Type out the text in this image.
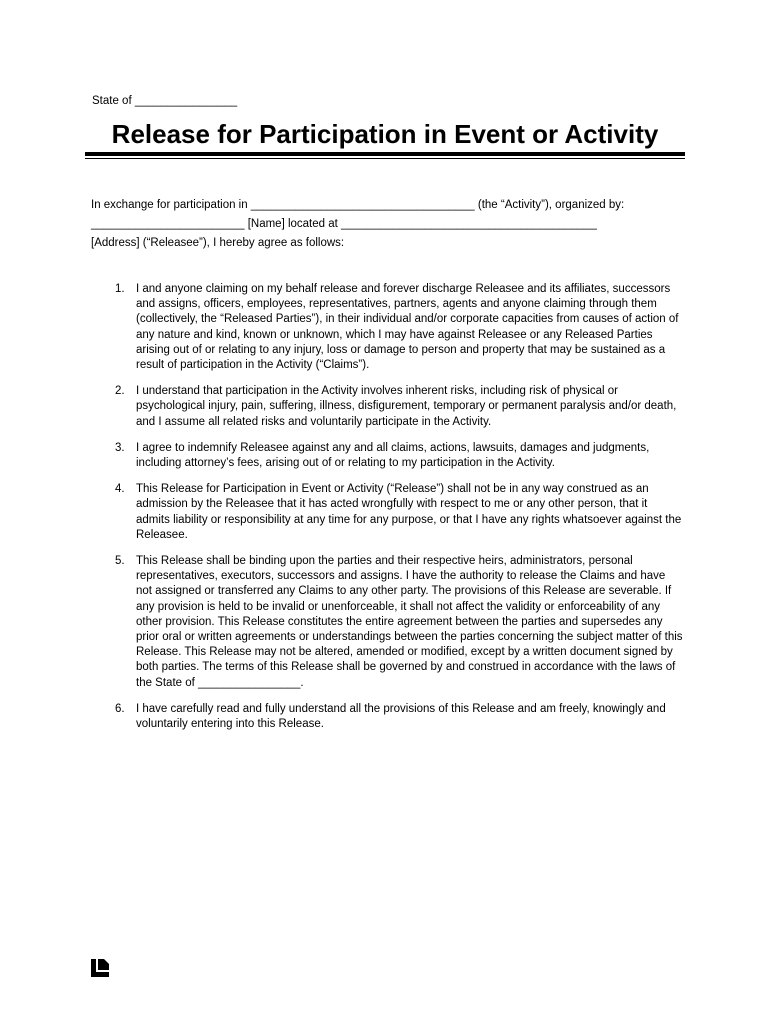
State of ________________
Release for Participation in Event or Activity
In exchange for participation in ___________________________________ (the “Activity”), organized by:
________________________ [Name] located at ________________________________________
[Address] (“Releasee”), I hereby agree as follows:
1. I and anyone claiming on my behalf release and forever discharge Releasee and its affiliates, successors and assigns, officers, employees, representatives, partners, agents and anyone claiming through them (collectively, the “Released Parties”), in their individual and/or corporate capacities from causes of action of any nature and kind, known or unknown, which I may have against Releasee or any Released Parties arising out of or relating to any injury, loss or damage to person and property that may be sustained as a result of participation in the Activity (“Claims”).
2. I understand that participation in the Activity involves inherent risks, including risk of physical or psychological injury, pain, suffering, illness, disfigurement, temporary or permanent paralysis and/or death, and I assume all related risks and voluntarily participate in the Activity.
3. I agree to indemnify Releasee against any and all claims, actions, lawsuits, damages and judgments, including attorney’s fees, arising out of or relating to my participation in the Activity.
4. This Release for Participation in Event or Activity (“Release”) shall not be in any way construed as an admission by the Releasee that it has acted wrongfully with respect to me or any other person, that it admits liability or responsibility at any time for any purpose, or that I have any rights whatsoever against the Releasee.
5. This Release shall be binding upon the parties and their respective heirs, administrators, personal representatives, executors, successors and assigns. I have the authority to release the Claims and have not assigned or transferred any Claims to any other party. The provisions of this Release are severable. If any provision is held to be invalid or unenforceable, it shall not affect the validity or enforceability of any other provision. This Release constitutes the entire agreement between the parties and supersedes any prior oral or written agreements or understandings between the parties concerning the subject matter of this Release. This Release may not be altered, amended or modified, except by a written document signed by both parties. The terms of this Release shall be governed by and construed in accordance with the laws of the State of ________________.
6. I have carefully read and fully understand all the provisions of this Release and am freely, knowingly and voluntarily entering into this Release.
